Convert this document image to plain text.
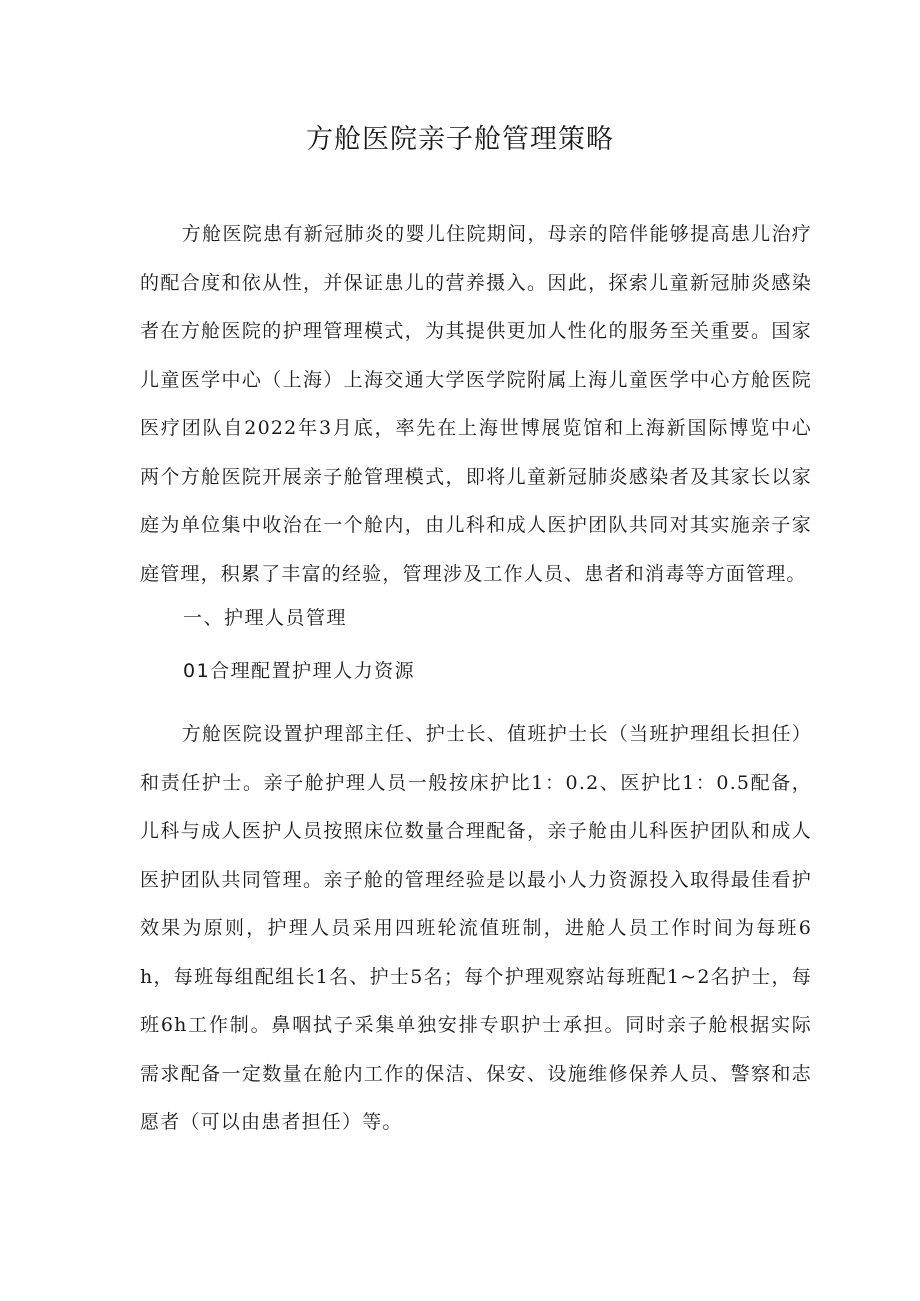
方舱医院亲子舱管理策略

方舱医院患有新冠肺炎的婴儿住院期间，母亲的陪伴能够提高患儿治疗的配合度和依从性，并保证患儿的营养摄入。因此，探索儿童新冠肺炎感染者在方舱医院的护理管理模式，为其提供更加人性化的服务至关重要。国家儿童医学中心（上海）上海交通大学医学院附属上海儿童医学中心方舱医院医疗团队自2022年3月底，率先在上海世博展览馆和上海新国际博览中心两个方舱医院开展亲子舱管理模式，即将儿童新冠肺炎感染者及其家长以家庭为单位集中收治在一个舱内，由儿科和成人医护团队共同对其实施亲子家庭管理，积累了丰富的经验，管理涉及工作人员、患者和消毒等方面管理。

一、护理人员管理
01合理配置护理人力资源

方舱医院设置护理部主任、护士长、值班护士长（当班护理组长担任）和责任护士。亲子舱护理人员一般按床护比1：0.2、医护比1：0.5配备，儿科与成人医护人员按照床位数量合理配备，亲子舱由儿科医护团队和成人医护团队共同管理。亲子舱的管理经验是以最小人力资源投入取得最佳看护效果为原则，护理人员采用四班轮流值班制，进舱人员工作时间为每班6h，每班每组配组长1名、护士5名；每个护理观察站每班配1~2名护士，每班6h工作制。鼻咽拭子采集单独安排专职护士承担。同时亲子舱根据实际需求配备一定数量在舱内工作的保洁、保安、设施维修保养人员、警察和志愿者（可以由患者担任）等。
